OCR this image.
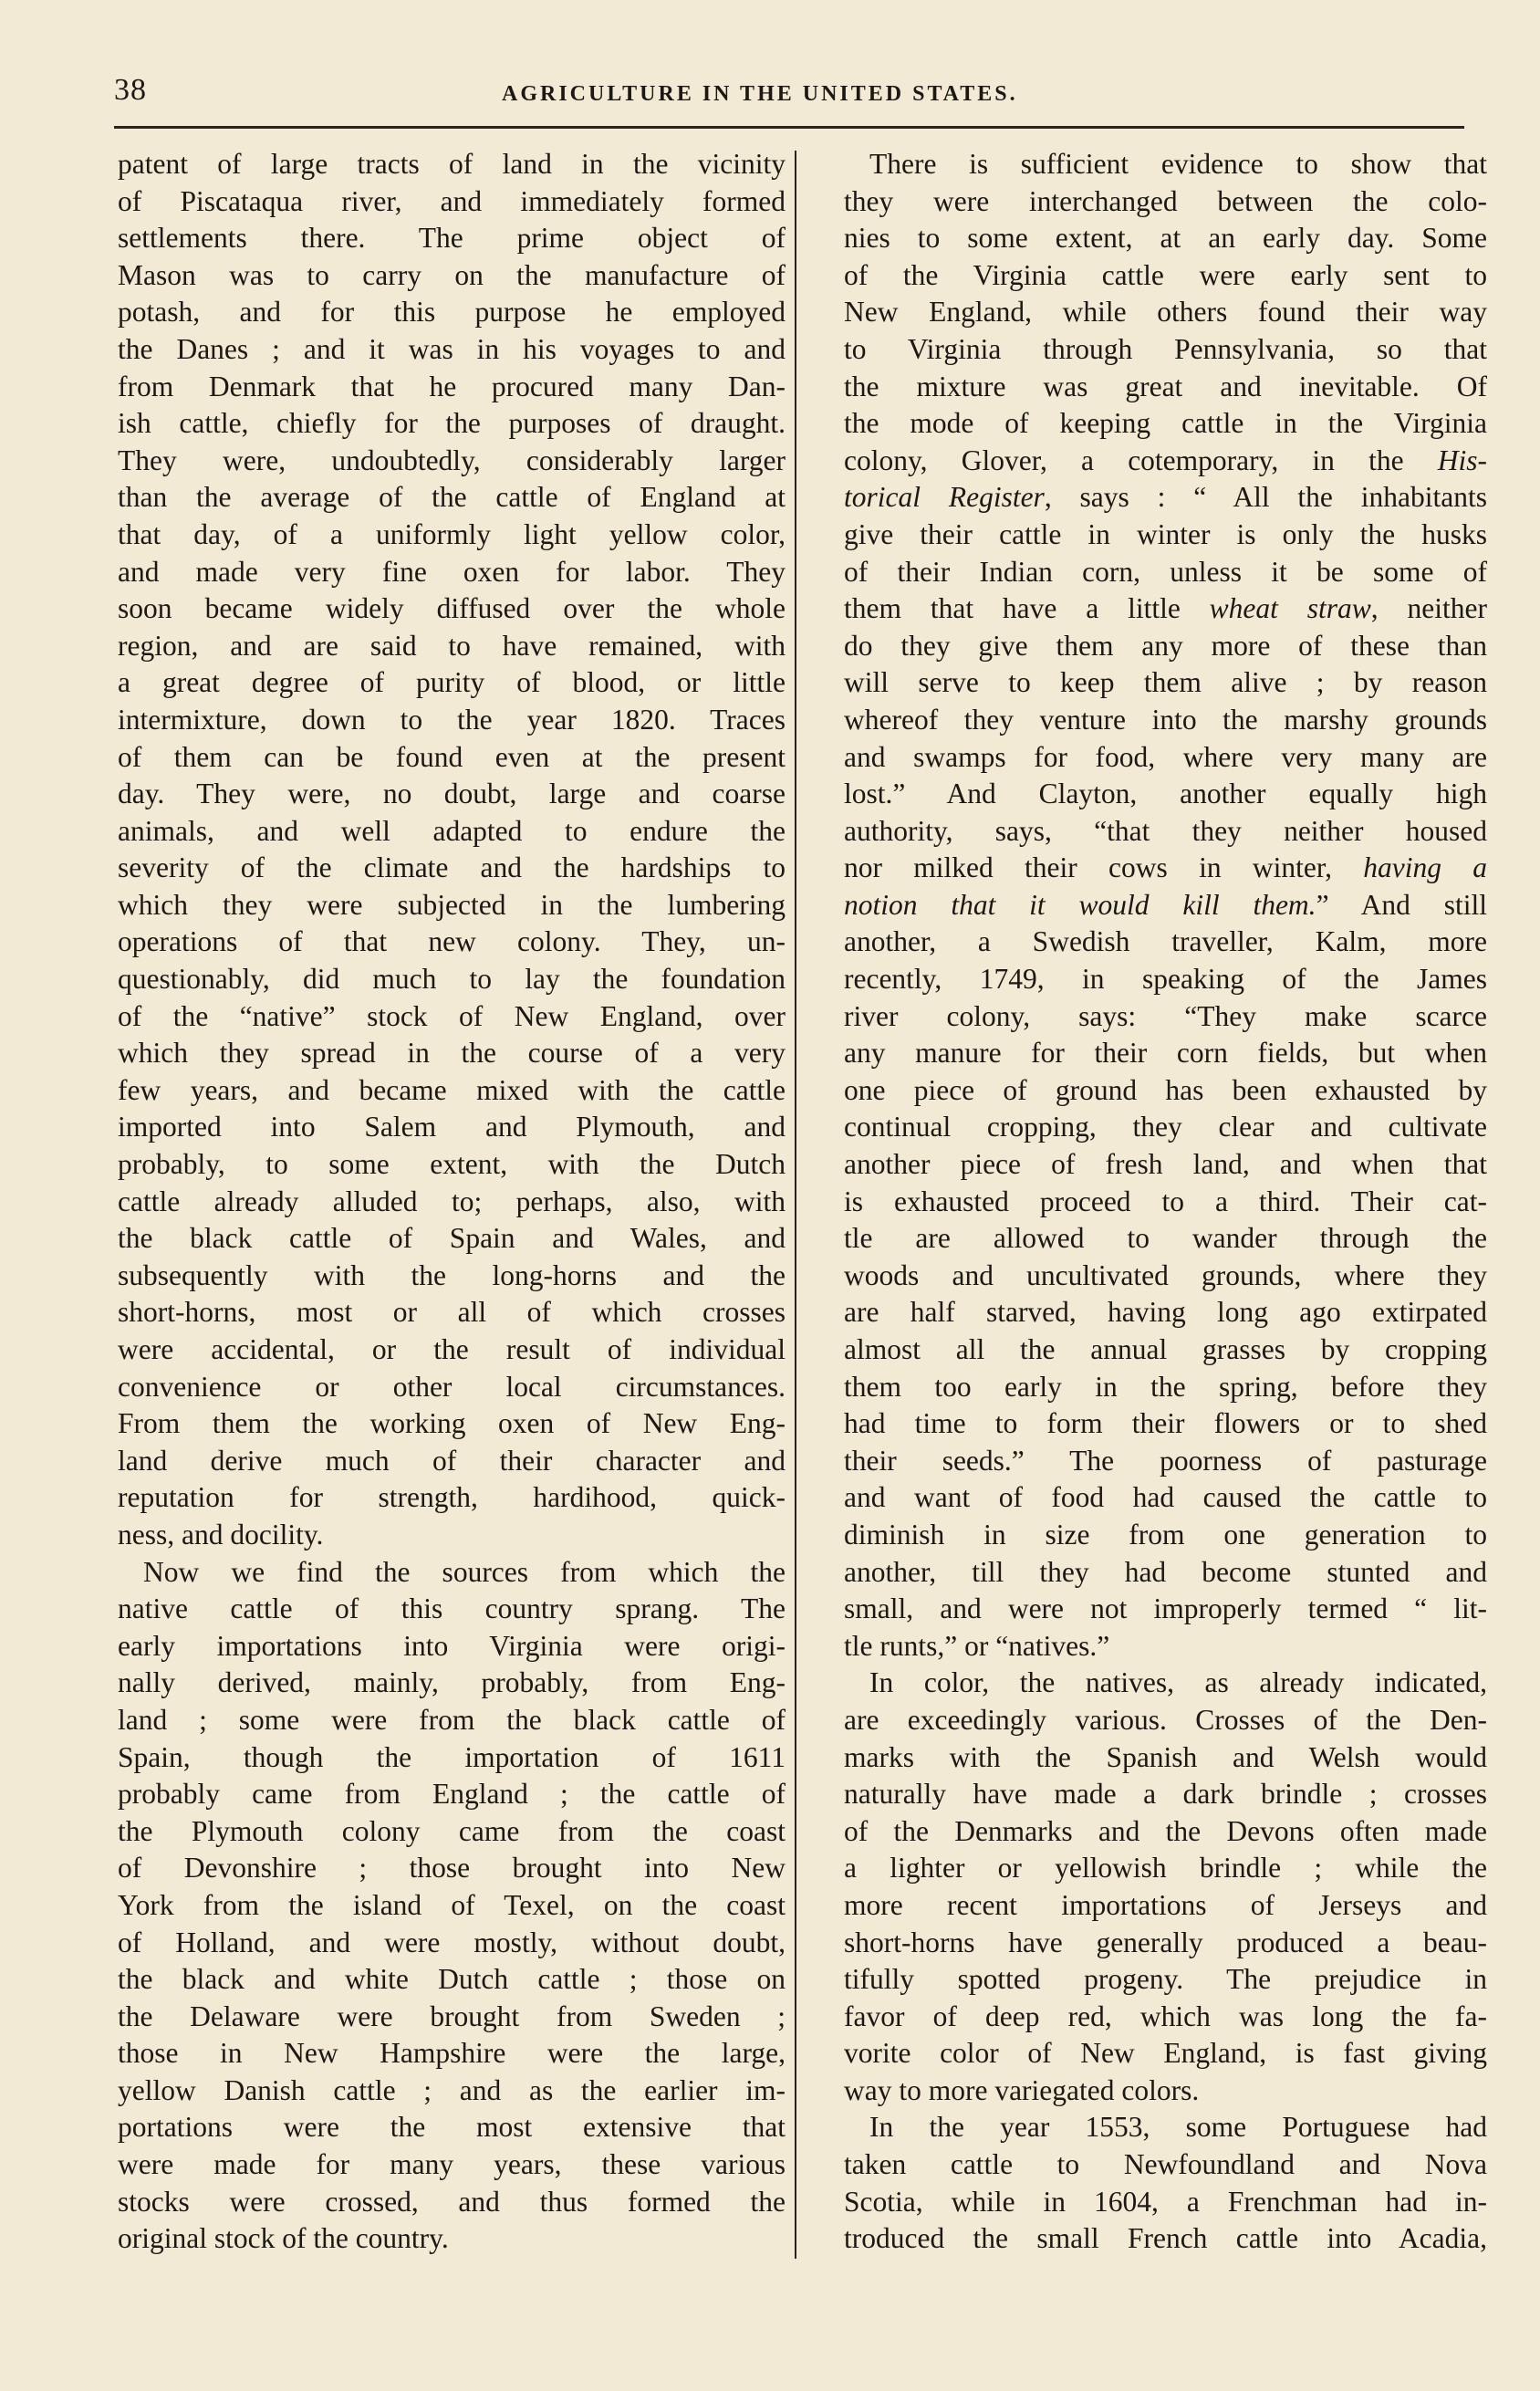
38	AGRICULTURE IN THE UNITED STATES.
patent of large tracts of land in the vicinity
of Piscataqua river, and immediately formed
settlements there. The prime object of
Mason was to carry on the manufacture of
potash, and for this purpose he employed
the Danes ; and it was in his voyages to and
from Denmark that he procured many Dan-
ish cattle, chiefly for the purposes of draught.
They were, undoubtedly, considerably larger
than the average of the cattle of England at
that day, of a uniformly light yellow color,
and made very fine oxen for labor. They
soon became widely diffused over the whole
region, and are said to have remained, with
a great degree of purity of blood, or little
intermixture, down to the year 1820. Traces
of them can be found even at the present
day. They were, no doubt, large and coarse
animals, and well adapted to endure the
severity of the climate and the hardships to
which they were subjected in the lumbering
operations of that new colony. They, un-
questionably, did much to lay the foundation
of the “native” stock of New England, over
which they spread in the course of a very
few years, and became mixed with the cattle
imported into Salem and Plymouth, and
probably, to some extent, with the Dutch
cattle already alluded to; perhaps, also, with
the black cattle of Spain and Wales, and
subsequently with the long-horns and the
short-horns, most or all of which crosses
were accidental, or the result of individual
convenience or other local circumstances.
From them the working oxen of New Eng-
land derive much of their character and
reputation for strength, hardihood, quick-
ness, and docility.
Now we find the sources from which the
native cattle of this country sprang. The
early importations into Virginia were origi-
nally derived, mainly, probably, from Eng-
land ; some were from the black cattle of
Spain, though the importation of 1611
probably came from England ; the cattle of
the Plymouth colony came from the coast
of Devonshire ; those brought into New
York from the island of Texel, on the coast
of Holland, and were mostly, without doubt,
the black and white Dutch cattle ; those on
the Delaware were brought from Sweden ;
those in New Hampshire were the large,
yellow Danish cattle ; and as the earlier im-
portations were the most extensive that
were made for many years, these various
stocks were crossed, and thus formed the
original stock of the country.
There is sufficient evidence to show that
they were interchanged between the colo-
nies to some extent, at an early day. Some
of the Virginia cattle were early sent to
New England, while others found their way
to Virginia through Pennsylvania, so that
the mixture was great and inevitable. Of
the mode of keeping cattle in the Virginia
colony, Glover, a cotemporary, in the His-
torical Register, says : “ All the inhabitants
give their cattle in winter is only the husks
of their Indian corn, unless it be some of
them that have a little wheat straw, neither
do they give them any more of these than
will serve to keep them alive ; by reason
whereof they venture into the marshy grounds
and swamps for food, where very many are
lost.” And Clayton, another equally high
authority, says, “that they neither housed
nor milked their cows in winter, having a
notion that it would kill them.” And still
another, a Swedish traveller, Kalm, more
recently, 1749, in speaking of the James
river colony, says: “They make scarce
any manure for their corn fields, but when
one piece of ground has been exhausted by
continual cropping, they clear and cultivate
another piece of fresh land, and when that
is exhausted proceed to a third. Their cat-
tle are allowed to wander through the
woods and uncultivated grounds, where they
are half starved, having long ago extirpated
almost all the annual grasses by cropping
them too early in the spring, before they
had time to form their flowers or to shed
their seeds.” The poorness of pasturage
and want of food had caused the cattle to
diminish in size from one generation to
another, till they had become stunted and
small, and were not improperly termed “ lit-
tle runts,” or “natives.”
In color, the natives, as already indicated,
are exceedingly various. Crosses of the Den-
marks with the Spanish and Welsh would
naturally have made a dark brindle ; crosses
of the Denmarks and the Devons often made
a lighter or yellowish brindle ; while the
more recent importations of Jerseys and
short-horns have generally produced a beau-
tifully spotted progeny. The prejudice in
favor of deep red, which was long the fa-
vorite color of New England, is fast giving
way to more variegated colors.
In the year 1553, some Portuguese had
taken cattle to Newfoundland and Nova
Scotia, while in 1604, a Frenchman had in-
troduced the small French cattle into Acadia,
